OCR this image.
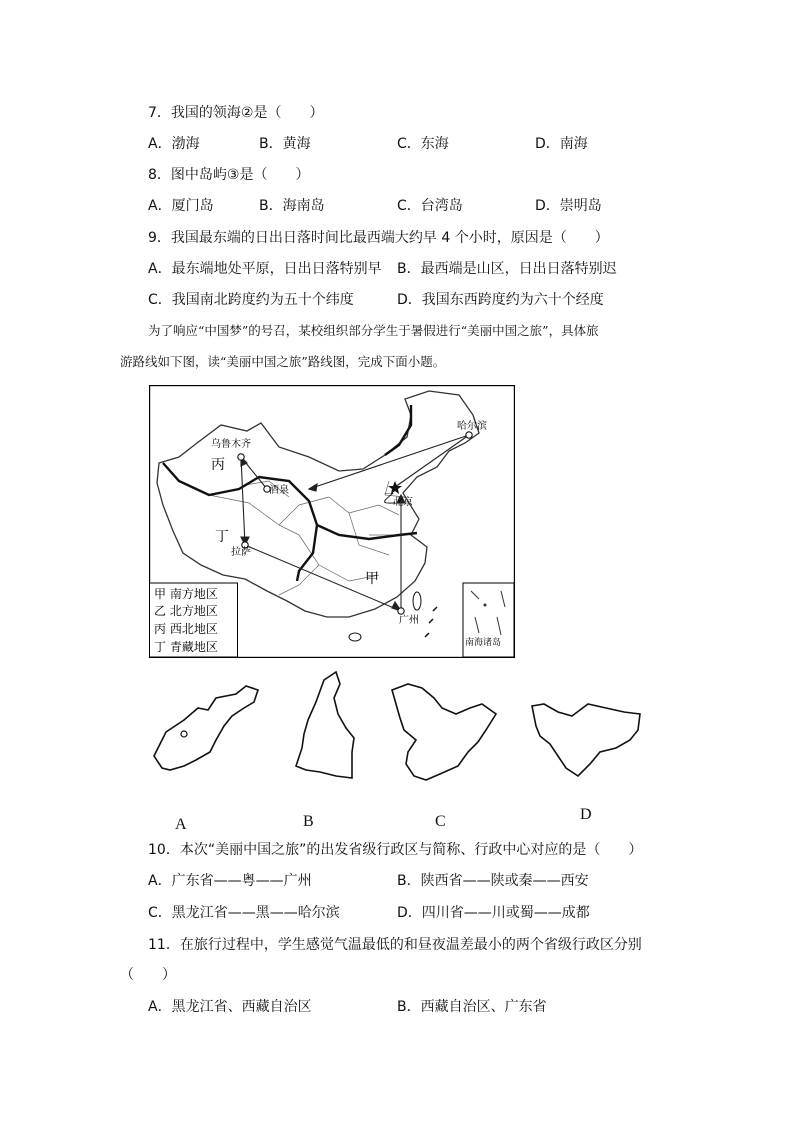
7．我国的领海②是（　　）
A．渤海	B．黄海	C．东海	D．南海
8．图中岛屿③是（　　）
A．厦门岛	B．海南岛	C．台湾岛	D．崇明岛
9．我国最东端的日出日落时间比最西端大约早 4 个小时，原因是（　　）
A．最东端地处平原，日出日落特别早 B．最西端是山区，日出日落特别迟
C．我国南北跨度约为五十个纬度	D．我国东西跨度约为六十个经度
为了响应“中国梦”的号召，某校组织部分学生于暑假进行“美丽中国之旅”，具体旅
游路线如下图，读“美丽中国之旅”路线图，完成下面小题。
乌鲁木齐
哈尔滨
酒泉
北京
拉萨
广州
丙
乙
丁
甲
甲 南方地区
乙 北方地区
丙 西北地区
丁 青藏地区	南海诸岛
A	B	C	D
10．本次“美丽中国之旅”的出发省级行政区与简称、行政中心对应的是（　　）
A．广东省——粤——广州	B．陕西省——陕或秦——西安
C．黑龙江省——黑——哈尔滨	D．四川省——川或蜀——成都
11．在旅行过程中，学生感觉气温最低的和昼夜温差最小的两个省级行政区分别
（　　）
A．黑龙江省、西藏自治区	B．西藏自治区、广东省
